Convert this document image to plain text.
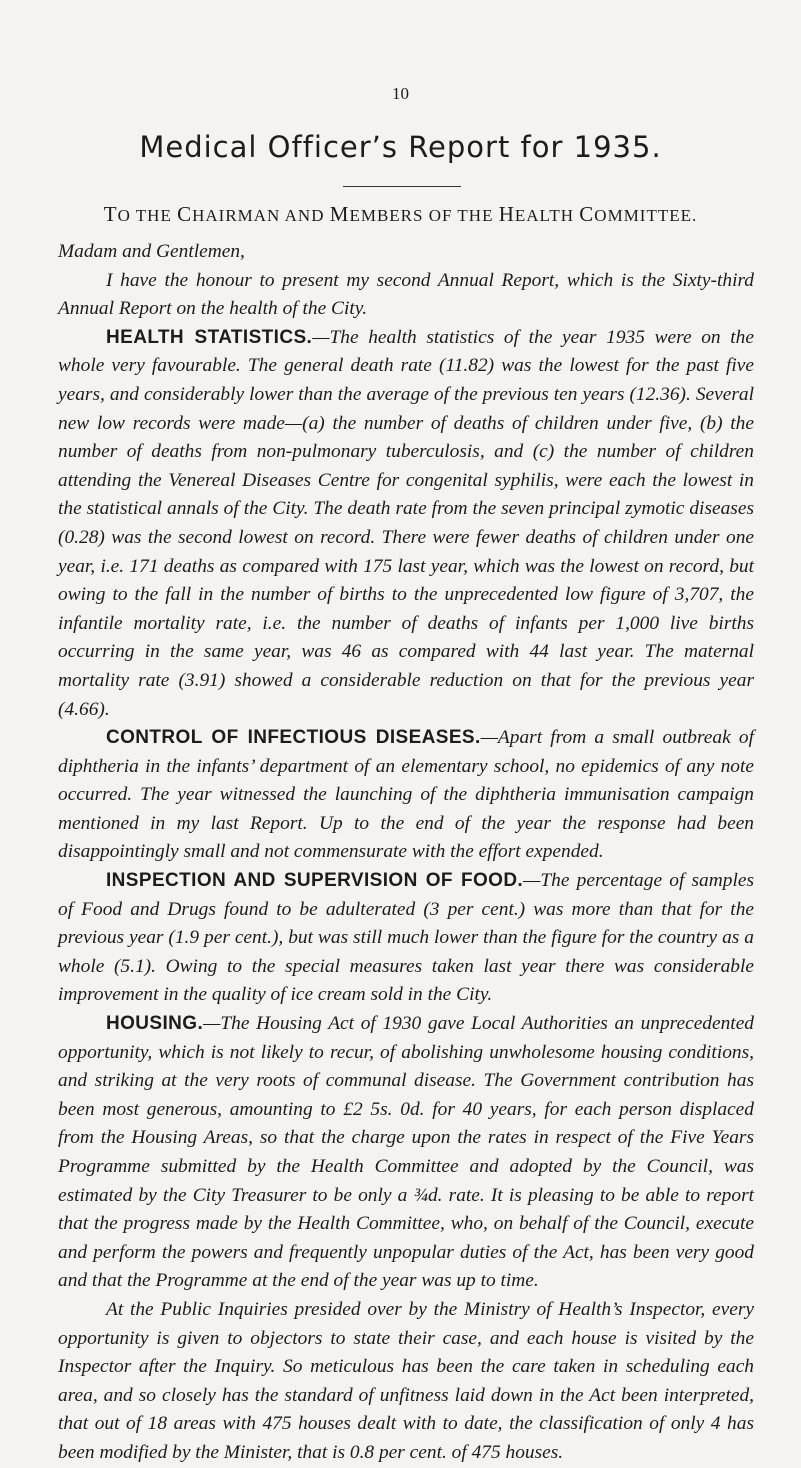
10
Medical Officer’s Report for 1935.
TO THE CHAIRMAN AND MEMBERS OF THE HEALTH COMMITTEE.

Madam and Gentlemen,

I have the honour to present my second Annual Report, which is the Sixty-third Annual Report on the health of the City.

HEALTH STATISTICS.—The health statistics of the year 1935 were on the whole very favourable. The general death rate (11.82) was the lowest for the past five years, and considerably lower than the average of the previous ten years (12.36). Several new low records were made—(a) the number of deaths of children under five, (b) the number of deaths from non-pulmonary tuberculosis, and (c) the number of children attending the Venereal Diseases Centre for congenital syphilis, were each the lowest in the statistical annals of the City. The death rate from the seven principal zymotic diseases (0.28) was the second lowest on record. There were fewer deaths of children under one year, i.e. 171 deaths as compared with 175 last year, which was the lowest on record, but owing to the fall in the number of births to the unprecedented low figure of 3,707, the infantile mortality rate, i.e. the number of deaths of infants per 1,000 live births occurring in the same year, was 46 as compared with 44 last year. The maternal mortality rate (3.91) showed a considerable reduction on that for the previous year (4.66).

CONTROL OF INFECTIOUS DISEASES.—Apart from a small outbreak of diphtheria in the infants’ department of an elementary school, no epidemics of any note occurred. The year witnessed the launching of the diphtheria immunisation campaign mentioned in my last Report. Up to the end of the year the response had been disappointingly small and not commensurate with the effort expended.

INSPECTION AND SUPERVISION OF FOOD.—The percentage of samples of Food and Drugs found to be adulterated (3 per cent.) was more than that for the previous year (1.9 per cent.), but was still much lower than the figure for the country as a whole (5.1). Owing to the special measures taken last year there was considerable improvement in the quality of ice cream sold in the City.

HOUSING.—The Housing Act of 1930 gave Local Authorities an unprecedented opportunity, which is not likely to recur, of abolishing unwholesome housing conditions, and striking at the very roots of communal disease. The Government contribution has been most generous, amounting to £2 5s. 0d. for 40 years, for each person displaced from the Housing Areas, so that the charge upon the rates in respect of the Five Years Programme submitted by the Health Committee and adopted by the Council, was estimated by the City Treasurer to be only a ¾d. rate. It is pleasing to be able to report that the progress made by the Health Committee, who, on behalf of the Council, execute and perform the powers and frequently unpopular duties of the Act, has been very good and that the Programme at the end of the year was up to time.

At the Public Inquiries presided over by the Ministry of Health’s Inspector, every opportunity is given to objectors to state their case, and each house is visited by the Inspector after the Inquiry. So meticulous has been the care taken in scheduling each area, and so closely has the standard of unfitness laid down in the Act been interpreted, that out of 18 areas with 475 houses dealt with to date, the classification of only 4 has been modified by the Minister, that is 0.8 per cent. of 475 houses.
